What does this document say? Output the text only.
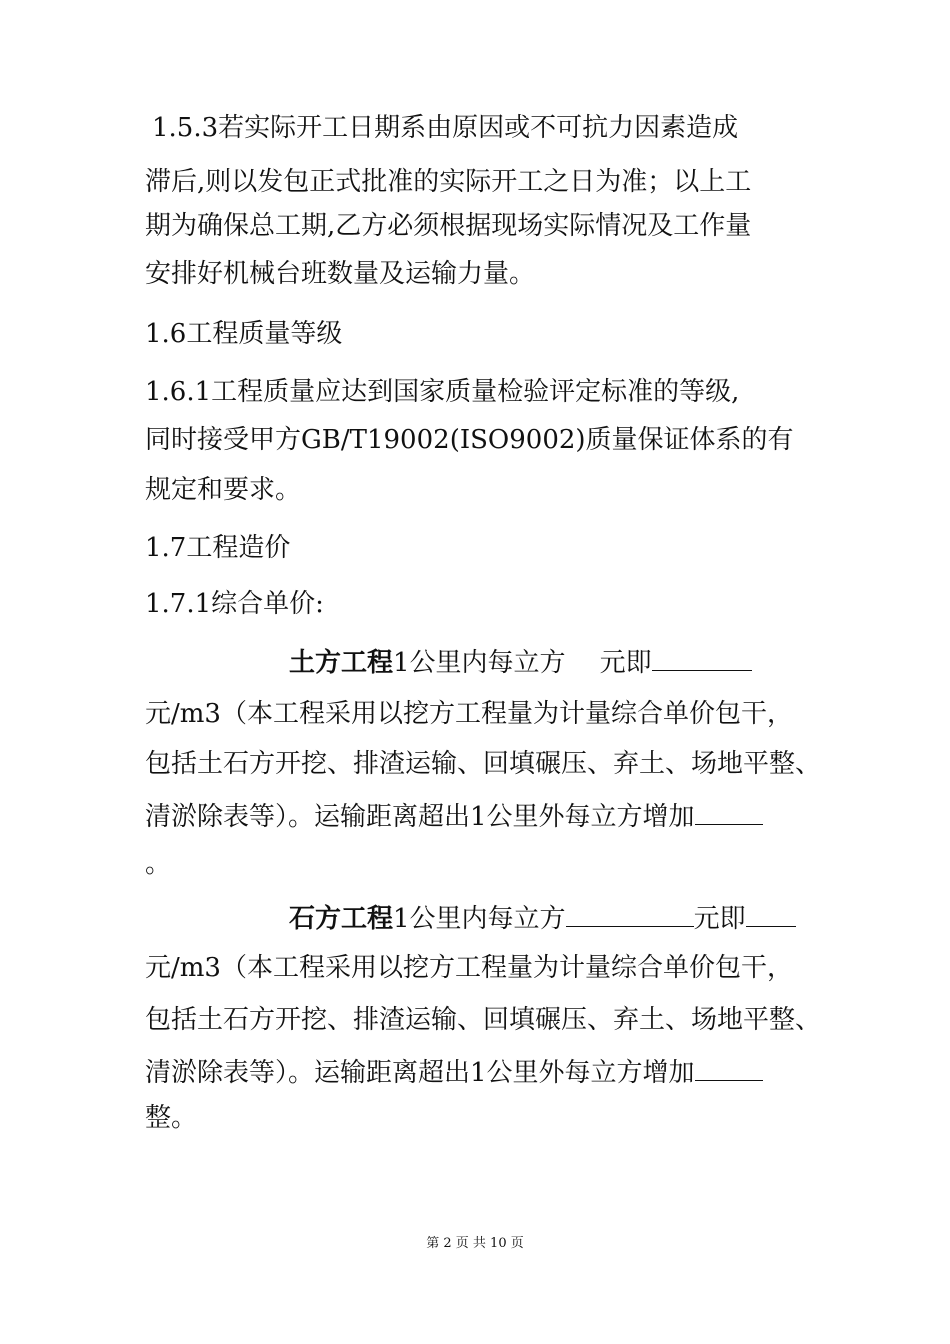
1.5.3若实际开工日期系由原因或不可抗力因素造成
滞后,则以发包正式批准的实际开工之日为准；以上工
期为确保总工期,乙方必须根据现场实际情况及工作量
安排好机械台班数量及运输力量。
1.6工程质量等级
1.6.1工程质量应达到国家质量检验评定标准的等级,
同时接受甲方GB/T19002(ISO9002)质量保证体系的有
规定和要求。
1.7工程造价
1.7.1综合单价:
土方工程1公里内每立方 元即
元/m3（本工程采用以挖方工程量为计量综合单价包干，
包括土石方开挖、排渣运输、回填碾压、弃土、场地平整、
清淤除表等）。运输距离超出1公里外每立方增加
。
石方工程1公里内每立方	元即
元/m3（本工程采用以挖方工程量为计量综合单价包干，
包括土石方开挖、排渣运输、回填碾压、弃土、场地平整、
清淤除表等）。运输距离超出1公里外每立方增加
整。
第 2 页 共 10 页
